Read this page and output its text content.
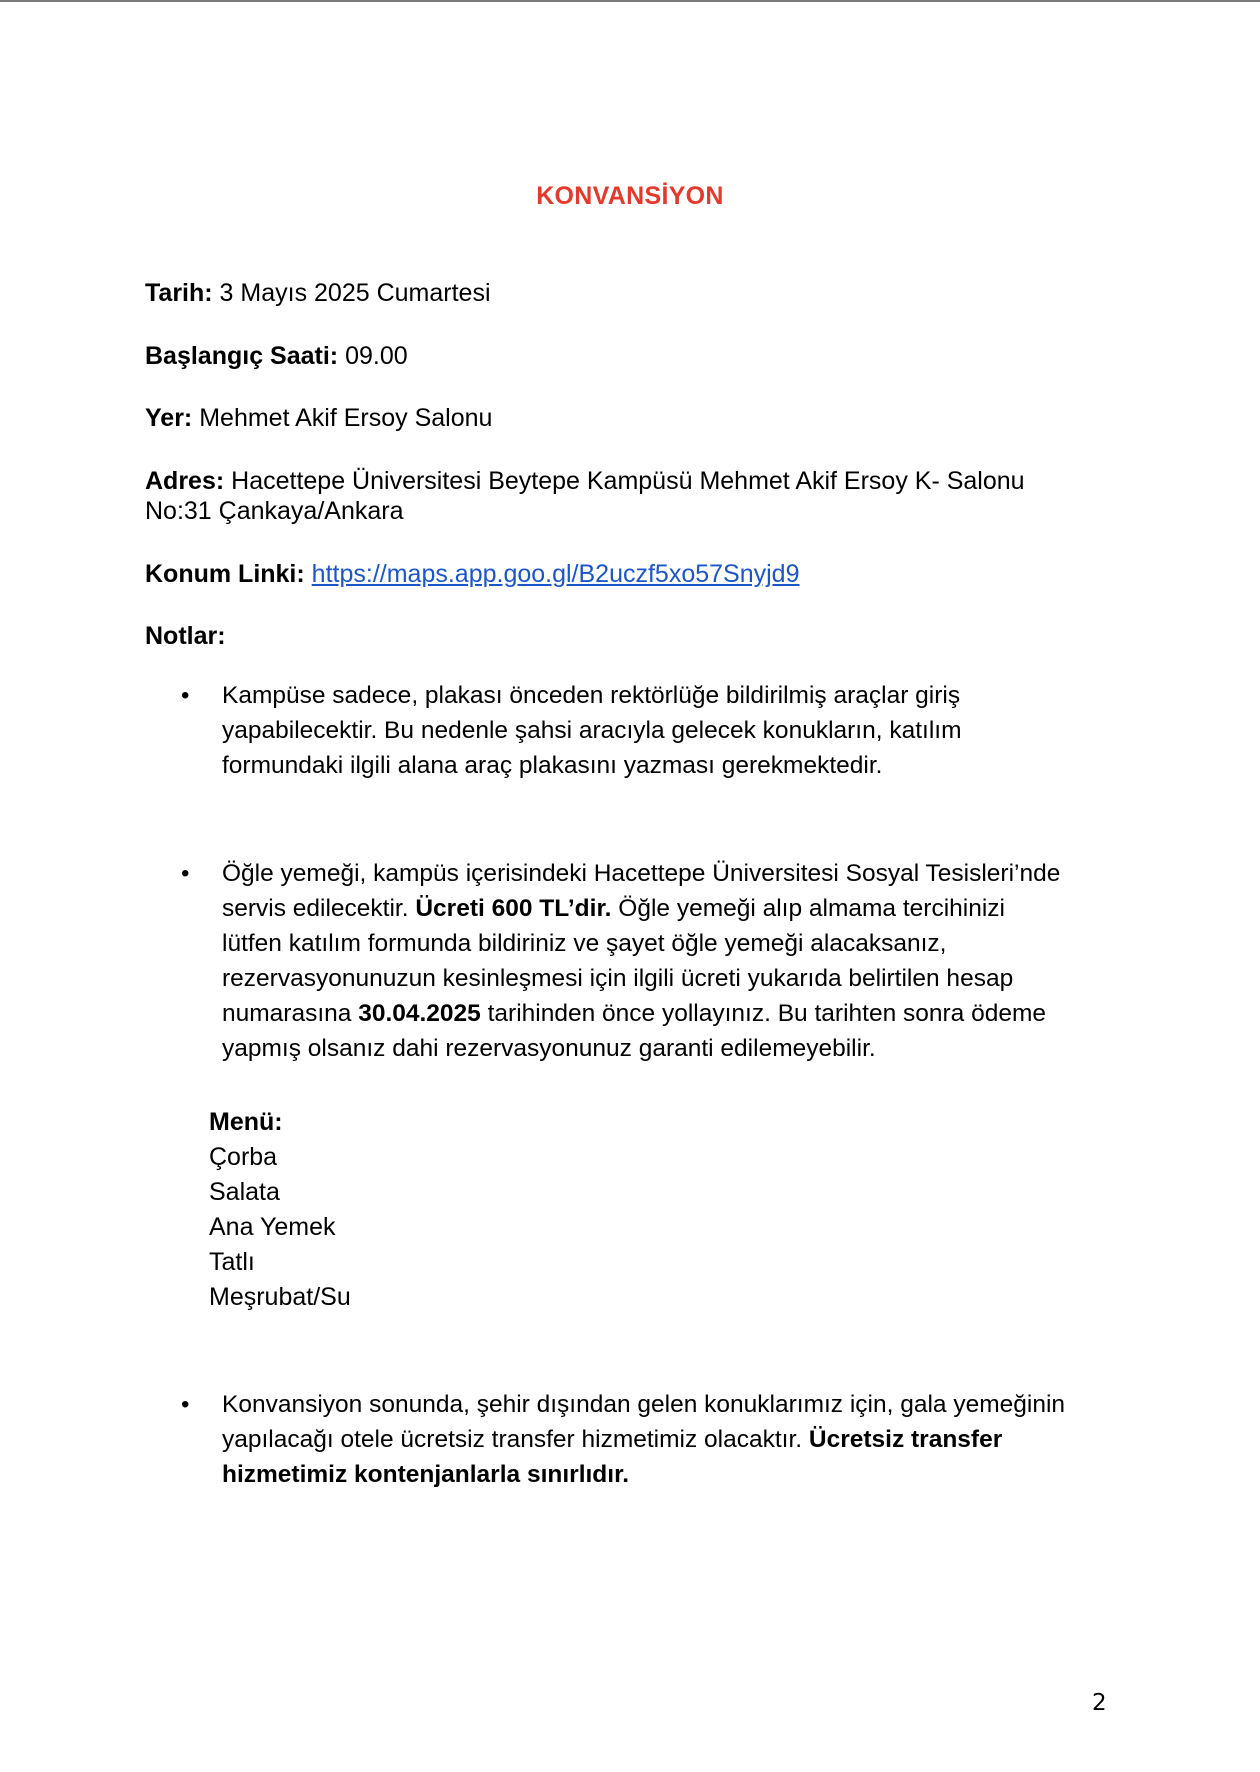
KONVANSİYON
Tarih: 3 Mayıs 2025 Cumartesi
Başlangıç Saati: 09.00
Yer: Mehmet Akif Ersoy Salonu
Adres: Hacettepe Üniversitesi Beytepe Kampüsü Mehmet Akif Ersoy K- Salonu
No:31 Çankaya/Ankara
Konum Linki: https://maps.app.goo.gl/B2uczf5xo57Snyjd9
Notlar:
• Kampüse sadece, plakası önceden rektörlüğe bildirilmiş araçlar giriş
yapabilecektir. Bu nedenle şahsi aracıyla gelecek konukların, katılım
formundaki ilgili alana araç plakasını yazması gerekmektedir.
• Öğle yemeği, kampüs içerisindeki Hacettepe Üniversitesi Sosyal Tesisleri’nde
servis edilecektir. Ücreti 600 TL’dir. Öğle yemeği alıp almama tercihinizi
lütfen katılım formunda bildiriniz ve şayet öğle yemeği alacaksanız,
rezervasyonunuzun kesinleşmesi için ilgili ücreti yukarıda belirtilen hesap
numarasına 30.04.2025 tarihinden önce yollayınız. Bu tarihten sonra ödeme
yapmış olsanız dahi rezervasyonunuz garanti edilemeyebilir.
Menü:
Çorba
Salata
Ana Yemek
Tatlı
Meşrubat/Su
• Konvansiyon sonunda, şehir dışından gelen konuklarımız için, gala yemeğinin
yapılacağı otele ücretsiz transfer hizmetimiz olacaktır. Ücretsiz transfer
hizmetimiz kontenjanlarla sınırlıdır.
2
